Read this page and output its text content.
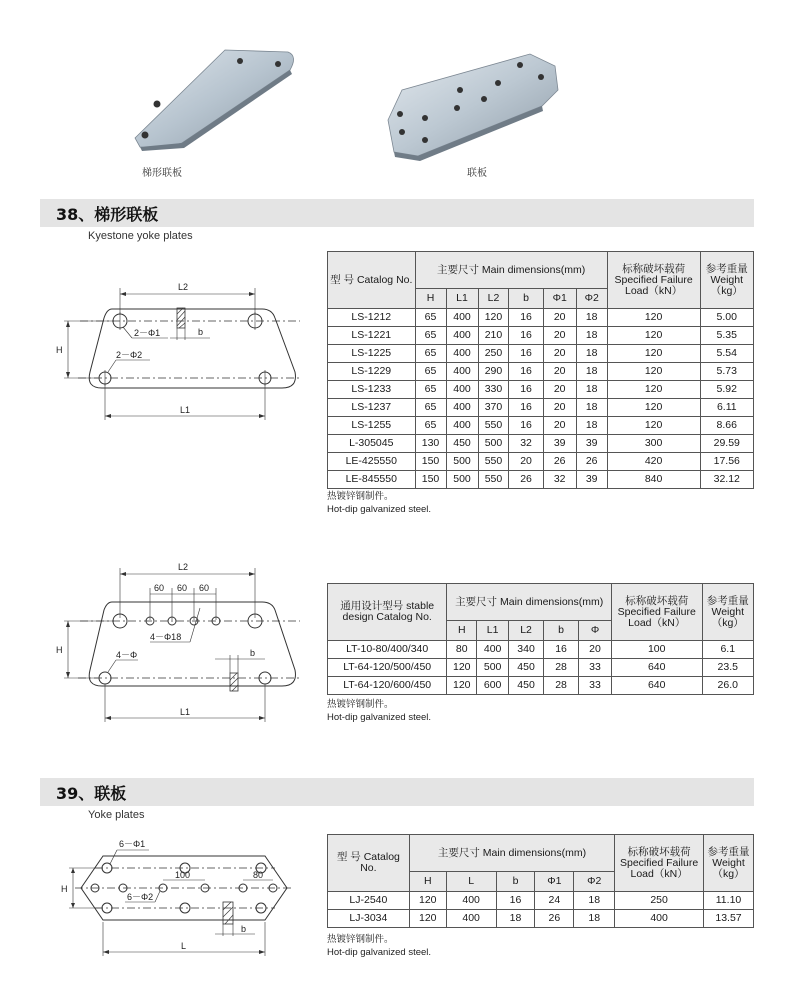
梯形联板	联板
38、梯形联板
Kyestone yoke plates
L2
b
2－Φ1
2－Φ2
H
L1
型 号 Catalog No.	主要尺寸 Main dimensions(mm)						标称破坏载荷 Specified Failure Load（kN）	参考重量 Weight （kg）
	H	L1	L2	b	Φ1	Φ2		
LS-1212	65	400	120	16	20	18	120	5.00
LS-1221	65	400	210	16	20	18	120	5.35
LS-1225	65	400	250	16	20	18	120	5.54
LS-1229	65	400	290	16	20	18	120	5.73
LS-1233	65	400	330	16	20	18	120	5.92
LS-1237	65	400	370	16	20	18	120	6.11
LS-1255	65	400	550	16	20	18	120	8.66
L-305045	130	450	500	32	39	39	300	29.59
LE-425550	150	500	550	20	26	26	420	17.56
LE-845550	150	500	550	26	32	39	840	32.12
热镀锌钢制件。
Hot-dip galvanized steel.
L2
60 60 60
4－Φ18
4－Φ	b
H
L1
通用设计型号 stable design Catalog No.	主要尺寸 Main dimensions(mm)					标称破坏载荷 Specified Failure Load（kN）	参考重量 Weight （kg）
	H	L1	L2	b	Φ		
LT-10-80/400/340	80	400	340	16	20	100	6.1
LT-64-120/500/450	120	500	450	28	33	640	23.5
LT-64-120/600/450	120	600	450	28	33	640	26.0
热镀锌钢制件。
Hot-dip galvanized steel.
39、联板
Yoke plates
6－Φ1
6－Φ2
100	80
b
H
L
型 号 Catalog No.	主要尺寸 Main dimensions(mm)					标称破坏载荷 Specified Failure Load（kN）	参考重量 Weight （kg）
	H	L	b	Φ1	Φ2		
LJ-2540	120	400	16	24	18	250	11.10
LJ-3034	120	400	18	26	18	400	13.57
热镀锌钢制件。
Hot-dip galvanized steel.
